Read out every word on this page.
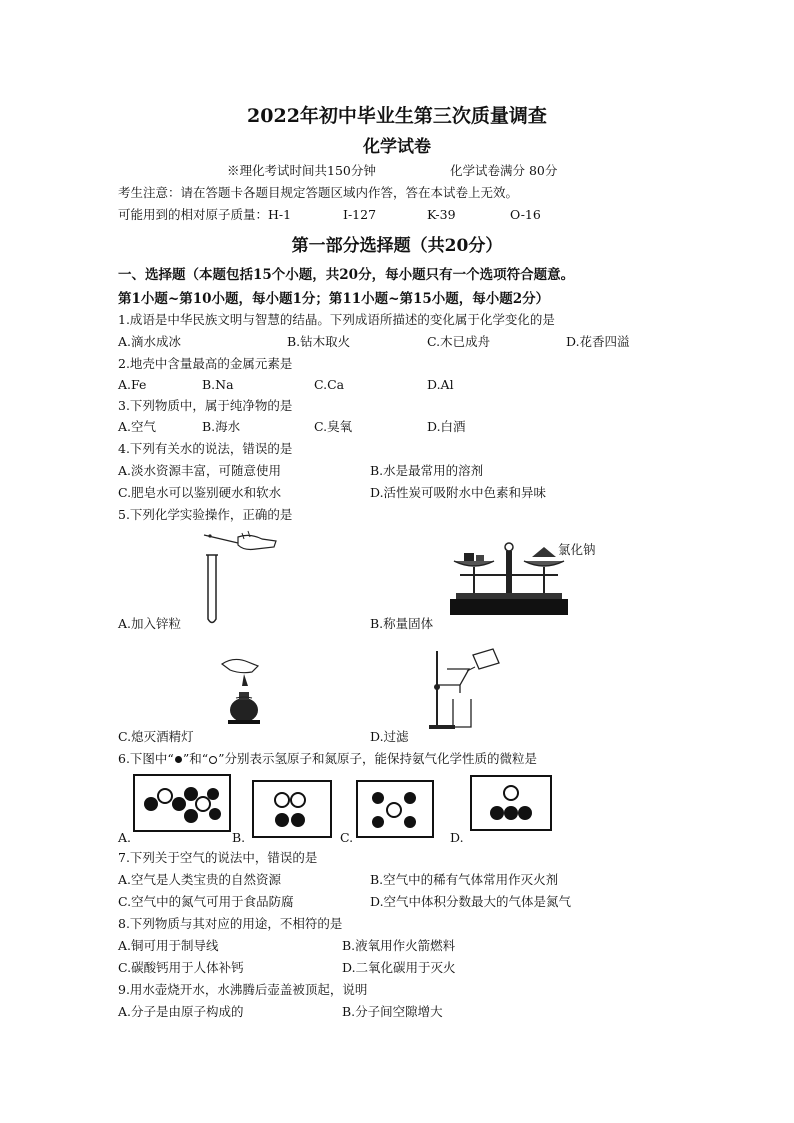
2022年初中毕业生第三次质量调查
化学试卷
※理化考试时间共150分钟	化学试卷满分 80分
考生注意：请在答题卡各题目规定答题区域内作答，答在本试卷上无效。
可能用到的相对原子质量：H-1	I-127	K-39	O-16
第一部分选择题（共20分）
一、选择题（本题包括15个小题，共20分，每小题只有一个选项符合题意。
第1小题~第10小题，每小题1分；第11小题~第15小题，每小题2分）
1.成语是中华民族文明与智慧的结晶。下列成语所描述的变化属于化学变化的是
A.滴水成冰	B.钻木取火	C.木已成舟	D.花香四溢
2.地壳中含量最高的金属元素是
A.Fe	B.Na	C.Ca	D.Al
3.下列物质中，属于纯净物的是
A.空气	B.海水	C.臭氧	D.白酒
4.下列有关水的说法，错误的是
A.淡水资源丰富，可随意使用	B.水是最常用的溶剂
C.肥皂水可以鉴别硬水和软水	D.活性炭可吸附水中色素和异味
5.下列化学实验操作，正确的是
A.加入锌粒
氯化钠
B.称量固体
C.熄灭酒精灯	D.过滤
6.下图中“ ”和“ ”分别表示氢原子和氮原子，能保持氨气化学性质的微粒是
A.	B.	C.	D.
7.下列关于空气的说法中，错误的是
A.空气是人类宝贵的自然资源	B.空气中的稀有气体常用作灭火剂
C.空气中的氮气可用于食品防腐	D.空气中体积分数最大的气体是氮气
8.下列物质与其对应的用途，不相符的是
A.铜可用于制导线	B.液氧用作火箭燃料
C.碳酸钙用于人体补钙	D.二氧化碳用于灭火
9.用水壶烧开水，水沸腾后壶盖被顶起，说明
A.分子是由原子构成的	B.分子间空隙增大
